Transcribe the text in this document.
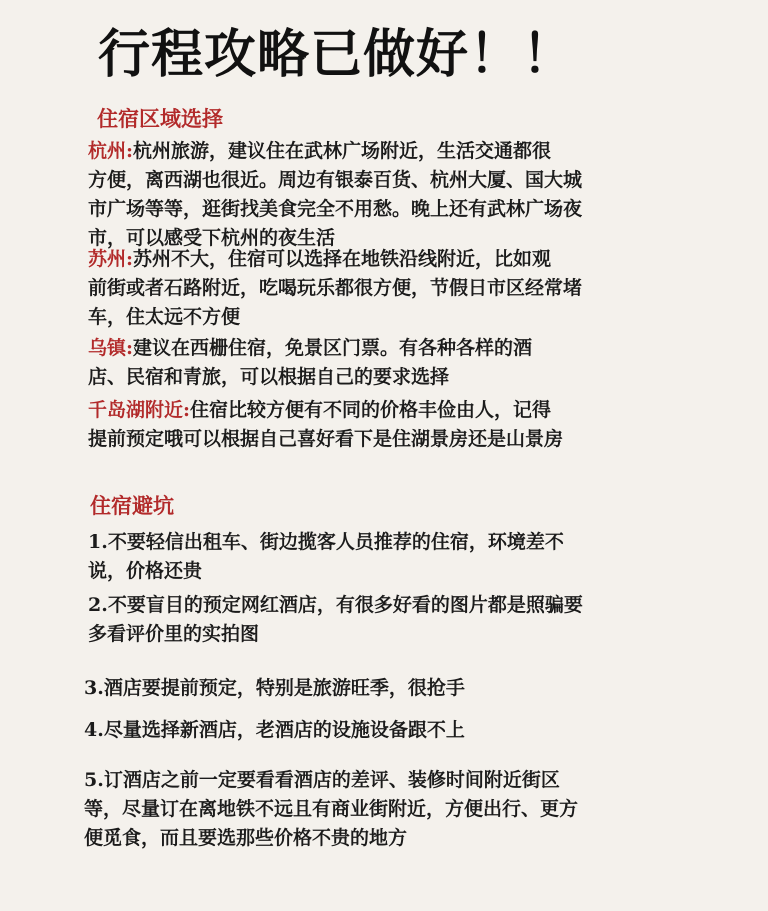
行程攻略已做好！！
住宿区域选择
杭州:杭州旅游，建议住在武林广场附近，生活交通都很
方便，离西湖也很近。周边有银泰百货、杭州大厦、国大城
市广场等等，逛街找美食完全不用愁。晚上还有武林广场夜
市，可以感受下杭州的夜生活
苏州:苏州不大，住宿可以选择在地铁沿线附近，比如观
前街或者石路附近，吃喝玩乐都很方便，节假日市区经常堵
车，住太远不方便
乌镇:建议在西栅住宿，免景区门票。有各种各样的酒
店、民宿和青旅，可以根据自己的要求选择
千岛湖附近:住宿比较方便有不同的价格丰俭由人，记得
提前预定哦可以根据自己喜好看下是住湖景房还是山景房
住宿避坑
1.不要轻信出租车、街边揽客人员推荐的住宿，环境差不
说，价格还贵
2.不要盲目的预定网红酒店，有很多好看的图片都是照骗要
多看评价里的实拍图
3.酒店要提前预定，特别是旅游旺季，很抢手
4.尽量选择新酒店，老酒店的设施设备跟不上
5.订酒店之前一定要看看酒店的差评、装修时间附近街区
等，尽量订在离地铁不远且有商业街附近，方便出行、更方
便觅食，而且要选那些价格不贵的地方
